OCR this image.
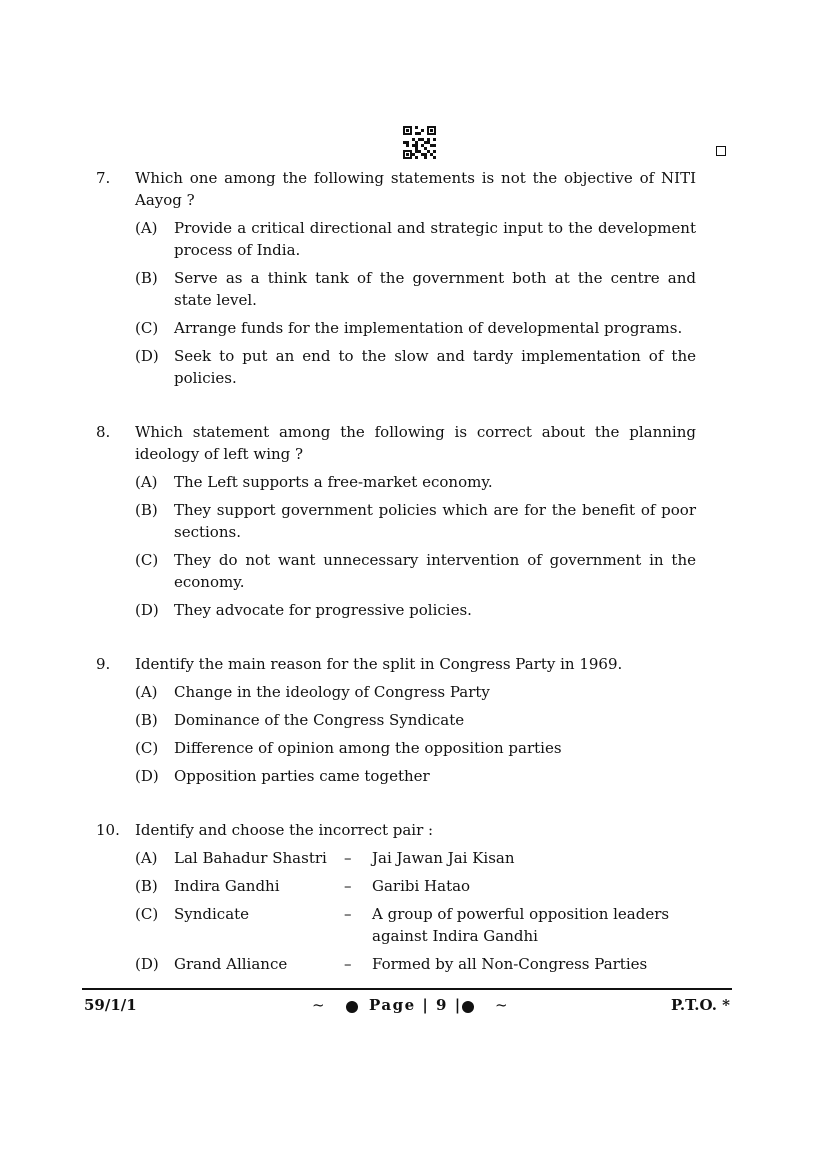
7.	Which one among the following statements is not the objective of NITI Aayog ?
(A)	Provide a critical directional and strategic input to the development process of India.
(B)	Serve as a think tank of the government both at the centre and state level.
(C)	Arrange funds for the implementation of developmental programs.
(D)	Seek to put an end to the slow and tardy implementation of the policies.
8.	Which statement among the following is correct about the planning ideology of left wing ?
(A)	The Left supports a free-market economy.
(B)	They support government policies which are for the benefit of poor sections.
(C)	They do not want unnecessary intervention of government in the economy.
(D)	They advocate for progressive policies.
9.	Identify the main reason for the split in Congress Party in 1969.
(A)	Change in the ideology of Congress Party
(B)	Dominance of the Congress Syndicate
(C)	Difference of opinion among the opposition parties
(D)	Opposition parties came together
10.	Identify and choose the incorrect pair :
(A)	Lal Bahadur Shastri	–	Jai Jawan Jai Kisan
(B)	Indira Gandhi	–	Garibi Hatao
(C)	Syndicate	–	A group of powerful opposition leaders against Indira Gandhi
(D)	Grand Alliance	–	Formed by all Non-Congress Parties
59/1/1	~	Page | 9 | ~	P.T.O. *
